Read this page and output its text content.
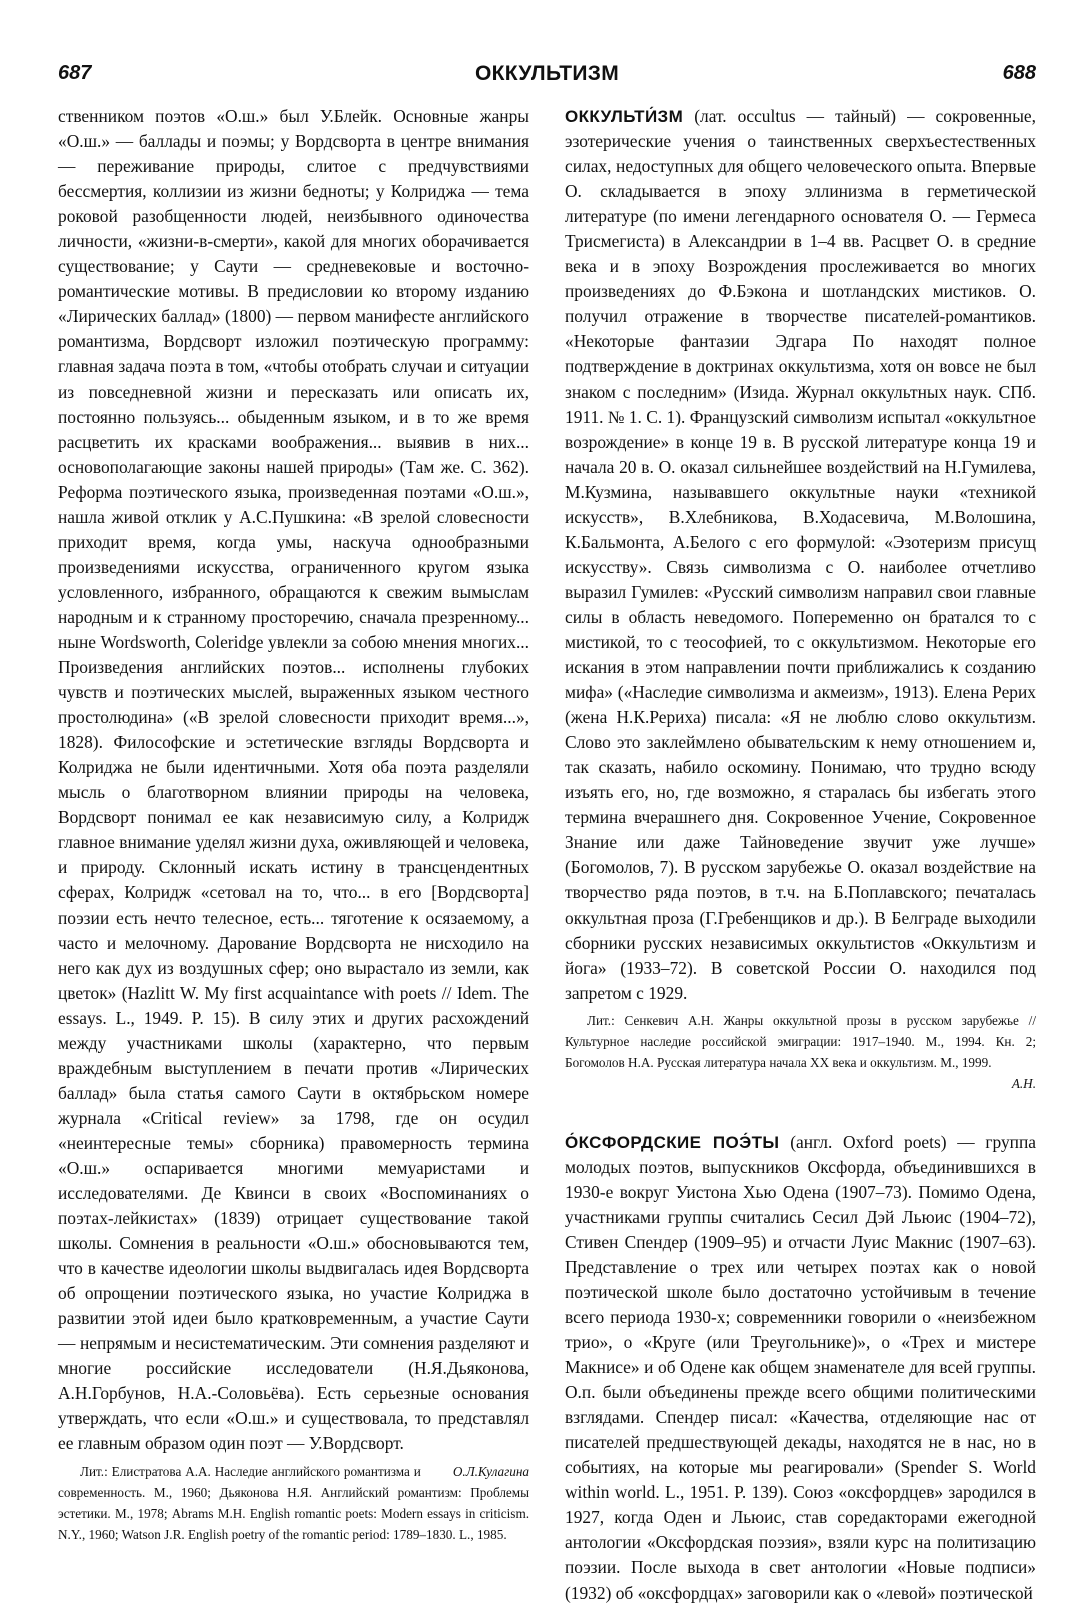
687	ОККУЛЬТИЗМ	688

ственником поэтов «О.ш.» был У.Блейк. Основные жанры «О.ш.» — баллады и поэмы; у Вордсворта в центре внимания — переживание природы, слитое с предчувствиями бессмертия, коллизии из жизни бедноты; у Колриджа — тема роковой разобщенности людей, неизбывного одиночества личности, «жизни-в-смерти», какой для многих оборачивается существование; у Саути — средневековые и восточно-романтические мотивы. В предисловии ко второму изданию «Лирических баллад» (1800) — первом манифесте английского романтизма, Вордсворт изложил поэтическую программу: главная задача поэта в том, «чтобы отобрать случаи и ситуации из повседневной жизни и пересказать или описать их, постоянно пользуясь... обыденным языком, и в то же время расцветить их красками воображения... выявив в них... основополагающие законы нашей природы» (Там же. С. 362). Реформа поэтического языка, произведенная поэтами «О.ш.», нашла живой отклик у А.С.Пушкина: «В зрелой словесности приходит время, когда умы, наскуча однообразными произведениями искусства, ограниченного кругом языка условленного, избранного, обращаются к свежим вымыслам народным и к странному просторечию, сначала презренному... ныне Wordsworth, Coleridge увлекли за собою мнения многих... Произведения английских поэтов... исполнены глубоких чувств и поэтических мыслей, выраженных языком честного простолюдина» («В зрелой словесности приходит время...», 1828). Философские и эстетические взгляды Вордсворта и Колриджа не были идентичными. Хотя оба поэта разделяли мысль о благотворном влиянии природы на человека, Вордсворт понимал ее как независимую силу, а Колридж главное внимание уделял жизни духа, оживляющей и человека, и природу. Склонный искать истину в трансцендентных сферах, Колридж «сетовал на то, что... в его [Вордсворта] поэзии есть нечто телесное, есть... тяготение к осязаемому, а часто и мелочному. Дарование Вордсворта не нисходило на него как дух из воздушных сфер; оно вырастало из земли, как цветок» (Hazlitt W. My first acquaintance with poets // Idem. The essays. L., 1949. P. 15). В силу этих и других расхождений между участниками школы (характерно, что первым враждебным выступлением в печати против «Лирических баллад» была статья самого Саути в октябрьском номере журнала «Critical review» за 1798, где он осудил «неинтересные темы» сборника) правомерность термина «О.ш.» оспаривается многими мемуаристами и исследователями. Де Квинси в своих «Воспоминаниях о поэтах-лейкистах» (1839) отрицает существование такой школы. Сомнения в реальности «О.ш.» обосновываются тем, что в качестве идеологии школы выдвигалась идея Вордсворта об опрощении поэтического языка, но участие Колриджа в развитии этой идеи было кратковременным, а участие Саути — непрямым и несистематическим. Эти сомнения разделяют и многие российские исследователи (Н.Я.Дьяконова, А.Н.Горбунов, Н.А.-Соловьёва). Есть серьезные основания утверждать, что если «О.ш.» и существовала, то представлял ее главным образом один поэт — У.Вордсворт.

О.Л.Кулагина
Лит.: Елистратова А.А. Наследие английского романтизма и современность. М., 1960; Дьяконова Н.Я. Английский романтизм: Проблемы эстетики. М., 1978; Abrams M.H. English romantic poets: Modern essays in criticism. N.Y., 1960; Watson J.R. English poetry of the romantic period: 1789–1830. L., 1985.

ОККУЛЬТИ́ЗМ (лат. occultus — тайный) — сокровенные, эзотерические учения о таинственных сверхъестественных силах, недоступных для общего человеческого опыта. Впервые О. складывается в эпоху эллинизма в герметической литературе (по имени легендарного основателя О. — Гермеса Трисмегиста) в Александрии в 1–4 вв. Расцвет О. в средние века и в эпоху Возрождения прослеживается во многих произведениях до Ф.Бэкона и шотландских мистиков. О. получил отражение в творчестве писателей-романтиков. «Некоторые фантазии Эдгара По находят полное подтверждение в доктринах оккультизма, хотя он вовсе не был знаком с последним» (Изида. Журнал оккультных наук. СПб. 1911. № 1. С. 1). Французский символизм испытал «оккультное возрождение» в конце 19 в. В русской литературе конца 19 и начала 20 в. О. оказал сильнейшее воздействий на Н.Гумилева, М.Кузмина, называвшего оккультные науки «техникой искусств», В.Хлебникова, В.Ходасевича, М.Волошина, К.Бальмонта, А.Белого с его формулой: «Эзотеризм присущ искусству». Связь символизма с О. наиболее отчетливо выразил Гумилев: «Русский символизм направил свои главные силы в область неведомого. Попеременно он братался то с мистикой, то с теософией, то с оккультизмом. Некоторые его искания в этом направлении почти приближались к созданию мифа» («Наследие символизма и акмеизм», 1913). Елена Рерих (жена Н.К.Рериха) писала: «Я не люблю слово оккультизм. Слово это заклеймлено обывательским к нему отношением и, так сказать, набило оскомину. Понимаю, что трудно всюду изъять его, но, где возможно, я старалась бы избегать этого термина вчерашнего дня. Сокровенное Учение, Сокровенное Знание или даже Тайноведение звучит уже лучше» (Богомолов, 7). В русском зарубежье О. оказал воздействие на творчество ряда поэтов, в т.ч. на Б.Поплавского; печаталась оккультная проза (Г.Гребенщиков и др.). В Белграде выходили сборники русских независимых оккультистов «Оккультизм и йога» (1933–72). В советской России О. находился под запретом с 1929.

Лит.: Сенкевич А.Н. Жанры оккультной прозы в русском зарубежье // Культурное наследие российской эмиграции: 1917–1940. М., 1994. Кн. 2; Богомолов Н.А. Русская литература начала XX века и оккультизм. М., 1999.
А.Н.

О́КСФОРДСКИЕ ПОЭ́ТЫ (англ. Oxford poets) — группа молодых поэтов, выпускников Оксфорда, объединившихся в 1930-е вокруг Уистона Хью Одена (1907–73). Помимо Одена, участниками группы считались Сесил Дэй Льюис (1904–72), Стивен Спендер (1909–95) и отчасти Луис Макнис (1907–63). Представление о трех или четырех поэтах как о новой поэтической школе было достаточно устойчивым в течение всего периода 1930-х; современники говорили о «неизбежном трио», о «Круге (или Треугольнике)», о «Трех и мистере Макнисе» и об Одене как общем знаменателе для всей группы. О.п. были объединены прежде всего общими политическими взглядами. Спендер писал: «Качества, отделяющие нас от писателей предшествующей декады, находятся не в нас, но в событиях, на которые мы реагировали» (Spender S. World within world. L., 1951. P. 139). Союз «оксфордцев» зародился в 1927, когда Оден и Льюис, став соредакторами ежегодной антологии «Оксфордская поэзия», взяли курс на политизацию поэзии. После выхода в свет антологии «Новые подписи» (1932) об «оксфордцах» заговорили как о «левой» поэтической
